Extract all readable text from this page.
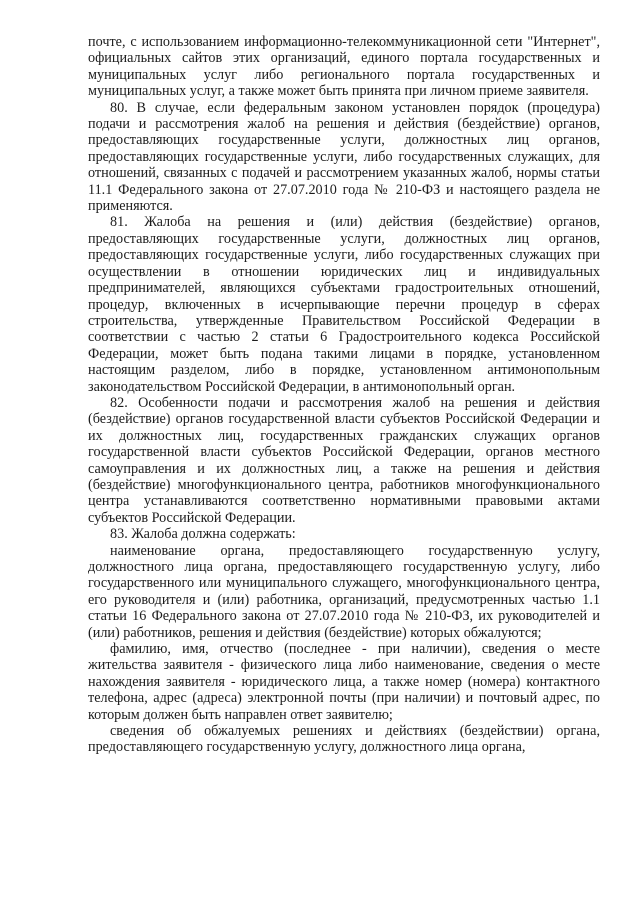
почте, с использованием информационно-телекоммуникационной сети "Интернет", официальных сайтов этих организаций, единого портала государственных и муниципальных услуг либо регионального портала государственных и муниципальных услуг, а также может быть принята при личном приеме заявителя.

80. В случае, если федеральным законом установлен порядок (процедура) подачи и рассмотрения жалоб на решения и действия (бездействие) органов, предоставляющих государственные услуги, должностных лиц органов, предоставляющих государственные услуги, либо государственных служащих, для отношений, связанных с подачей и рассмотрением указанных жалоб, нормы статьи 11.1 Федерального закона от 27.07.2010 года № 210-ФЗ и настоящего раздела не применяются.

81. Жалоба на решения и (или) действия (бездействие) органов, предоставляющих государственные услуги, должностных лиц органов, предоставляющих государственные услуги, либо государственных служащих при осуществлении в отношении юридических лиц и индивидуальных предпринимателей, являющихся субъектами градостроительных отношений, процедур, включенных в исчерпывающие перечни процедур в сферах строительства, утвержденные Правительством Российской Федерации в соответствии с частью 2 статьи 6 Градостроительного кодекса Российской Федерации, может быть подана такими лицами в порядке, установленном настоящим разделом, либо в порядке, установленном антимонопольным законодательством Российской Федерации, в антимонопольный орган.

82. Особенности подачи и рассмотрения жалоб на решения и действия (бездействие) органов государственной власти субъектов Российской Федерации и их должностных лиц, государственных гражданских служащих органов государственной власти субъектов Российской Федерации, органов местного самоуправления и их должностных лиц, а также на решения и действия (бездействие) многофункционального центра, работников многофункционального центра устанавливаются соответственно нормативными правовыми актами субъектов Российской Федерации.

83. Жалоба должна содержать:

наименование органа, предоставляющего государственную услугу, должностного лица органа, предоставляющего государственную услугу, либо государственного или муниципального служащего, многофункционального центра, его руководителя и (или) работника, организаций, предусмотренных частью 1.1 статьи 16 Федерального закона от 27.07.2010 года № 210-ФЗ, их руководителей и (или) работников, решения и действия (бездействие) которых обжалуются;

фамилию, имя, отчество (последнее - при наличии), сведения о месте жительства заявителя - физического лица либо наименование, сведения о месте нахождения заявителя - юридического лица, а также номер (номера) контактного телефона, адрес (адреса) электронной почты (при наличии) и почтовый адрес, по которым должен быть направлен ответ заявителю;

сведения об обжалуемых решениях и действиях (бездействии) органа, предоставляющего государственную услугу, должностного лица органа,
